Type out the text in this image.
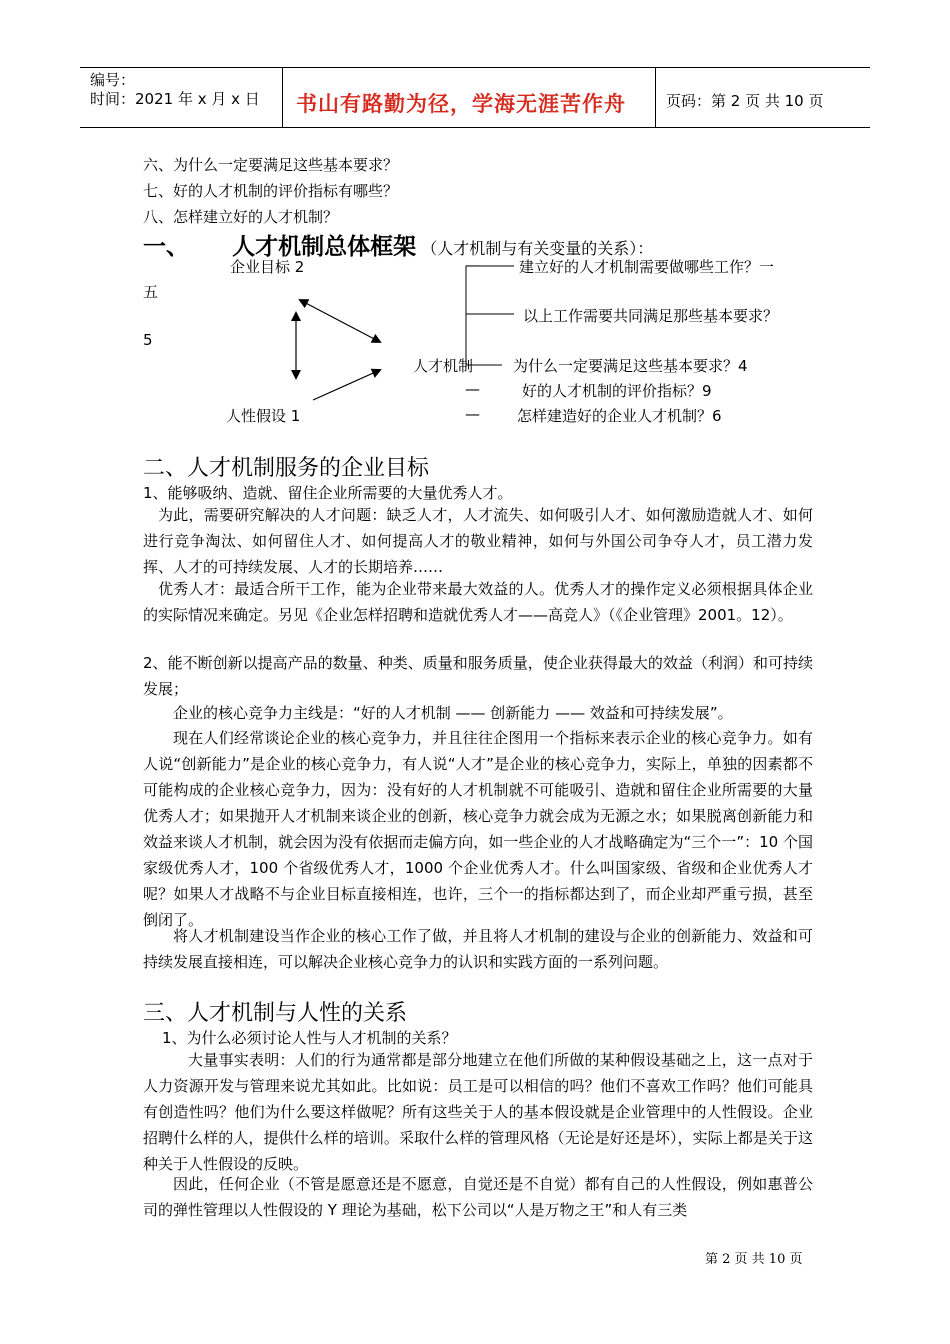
编号：
时间：2021 年 x 月 x 日 书山有路勤为径，学海无涯苦作舟	页码：第 2 页 共 10 页
六、为什么一定要满足这些基本要求？
七、好的人才机制的评价指标有哪些？
八、怎样建立好的人才机制？
一、 人才机制总体框架 （人才机制与有关变量的关系）：
企业目标 2
五
5
人才机制
人性假设 1
建立好的人才机制需要做哪些工作？一
以上工作需要共同满足那些基本要求？
为什么一定要满足这些基本要求？4
—	好的人才机制的评价指标？9
— 怎样建造好的企业人才机制？6
—
二、人才机制服务的企业目标
1、能够吸纳、造就、留住企业所需要的大量优秀人才。
为此，需要研究解决的人才问题：缺乏人才，人才流失、如何吸引人才、如何激励造就人才、如何进行竞争淘汰、如何留住人才、如何提高人才的敬业精神，如何与外国公司争夺人才，员工潜力发挥、人才的可持续发展、人才的长期培养……
优秀人才：最适合所干工作，能为企业带来最大效益的人。优秀人才的操作定义必须根据具体企业的实际情况来确定。另见《企业怎样招聘和造就优秀人才——高竞人》（《企业管理》2001。12）。
2、能不断创新以提高产品的数量、种类、质量和服务质量，使企业获得最大的效益（利润）和可持续发展；
企业的核心竞争力主线是：“好的人才机制 —— 创新能力 —— 效益和可持续发展”。
现在人们经常谈论企业的核心竞争力，并且往往企图用一个指标来表示企业的核心竞争力。如有人说“创新能力”是企业的核心竞争力，有人说“人才”是企业的核心竞争力，实际上，单独的因素都不可能构成的企业核心竞争力，因为：没有好的人才机制就不可能吸引、造就和留住企业所需要的大量优秀人才；如果抛开人才机制来谈企业的创新，核心竞争力就会成为无源之水；如果脱离创新能力和效益来谈人才机制，就会因为没有依据而走偏方向，如一些企业的人才战略确定为“三个一”：10 个国家级优秀人才，100 个省级优秀人才，1000 个企业优秀人才。什么叫国家级、省级和企业优秀人才呢？如果人才战略不与企业目标直接相连，也许，三个一的指标都达到了，而企业却严重亏损，甚至倒闭了。
将人才机制建设当作企业的核心工作了做，并且将人才机制的建设与企业的创新能力、效益和可持续发展直接相连，可以解决企业核心竞争力的认识和实践方面的一系列问题。
三、人才机制与人性的关系
1、为什么必须讨论人性与人才机制的关系？
大量事实表明：人们的行为通常都是部分地建立在他们所做的某种假设基础之上，这一点对于人力资源开发与管理来说尤其如此。比如说：员工是可以相信的吗？他们不喜欢工作吗？他们可能具有创造性吗？他们为什么要这样做呢？所有这些关于人的基本假设就是企业管理中的人性假设。企业招聘什么样的人，提供什么样的培训。采取什么样的管理风格（无论是好还是坏），实际上都是关于这种关于人性假设的反映。
因此，任何企业（不管是愿意还是不愿意，自觉还是不自觉）都有自己的人性假设，例如惠普公司的弹性管理以人性假设的 Y 理论为基础，松下公司以“人是万物之王”和人有三类
第 2 页 共 10 页
